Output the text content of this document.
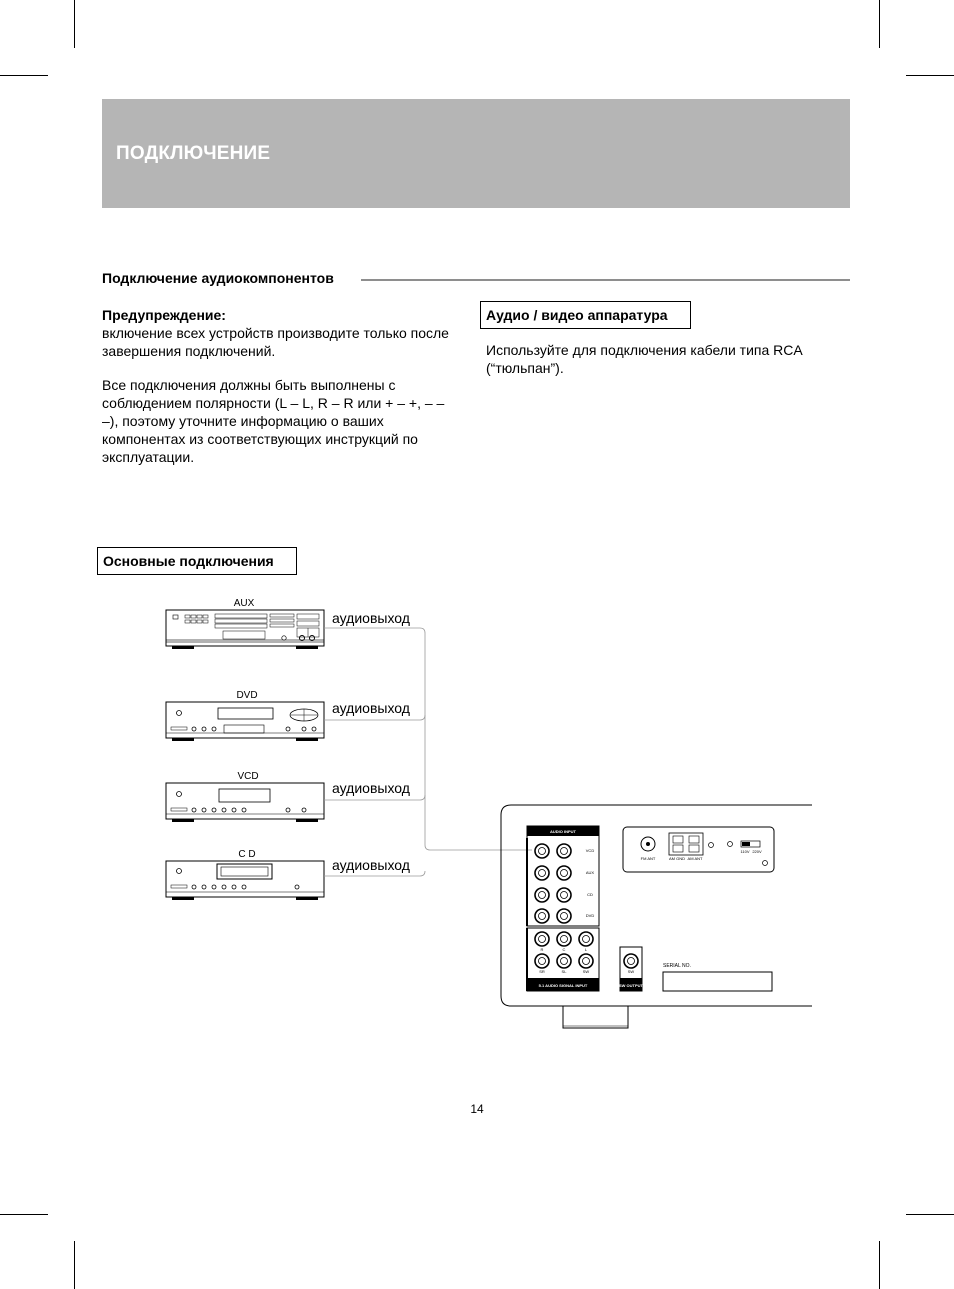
ПОДКЛЮЧЕНИЕ
Подключение аудиокомпонентов
Предупреждение:
включение всех устройств производите только после завершения подключений.
Все подключения должны быть выполнены с соблюдением полярности (L – L, R – R или + – +, – – –), поэтому уточните информацию о ваших компонентах из соответствующих инструкций по эксплуатации.
Аудио / видео аппаратура
Используйте для подключения кабели типа RCA (“тюльпан”).
Основные подключения
AUX
аудиовыход
DVD
аудиовыход
VCD
аудиовыход
C D
аудиовыход
AUDIO INPUT
VCD
AUX
CD
DVD
R	C	L
SR	SL	SW
5.1 AUDIO SIGNAL INPUT
SW
SW OUTPUT
FM ANT	AM GND AM ANT
110V 220V
SERIAL NO.
14
